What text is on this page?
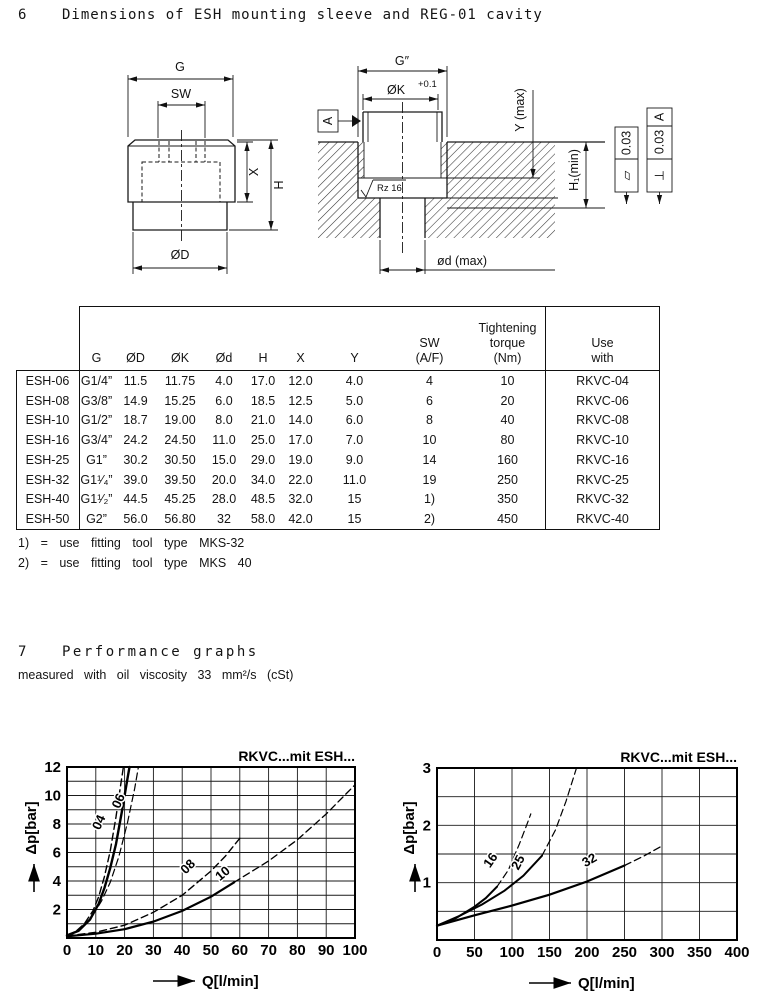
6	Dimensions of ESH mounting sleeve and REG-01 cavity
G
SW
X
H
ØD
G″
ØK +0.1
A
Rz 16
ød (max)
Y (max)
H₁(min)
0.03
▱ ⊥
0.03
A
G ØD ØK Ød H X	Y
SW
(A/F)
Tightening
torque
(Nm)
Use
with
ESH-06 G1/4” 11.5	11.75	4.0	17.0	12.0	4.0	4	10	RKVC-04
ESH-08 G3/8” 14.9	15.25	6.0	18.5	12.5	5.0	6	20	RKVC-06
ESH-10 G1/2” 18.7	19.00	8.0	21.0	14.0	6.0	8	40	RKVC-08
ESH-16 G3/4” 24.2	24.50	11.0	25.0	17.0	7.0	10	80	RKVC-10
ESH-25	G1”	30.2	30.50	15.0	29.0	19.0	9.0	14	160	RKVC-16
ESH-32 G1¹⁄₄” 39.0	39.50	20.0	34.0	22.0	11.0	19	250	RKVC-25
ESH-40 G1¹⁄₂” 44.5	45.25	28.0	48.5	32.0	15	1)	350	RKVC-32
ESH-50	G2”	56.0	56.80	32	58.0	42.0	15	2)	450	RKVC-40
1) = use fitting tool type MKS-32
2) = use fitting tool type MKS 40
7	Performance graphs
measured with oil viscosity 33 mm²/s (cSt)
0 10 20 30 40 50 60 70 80 90 100
2
4
6
8
10
12
RKVC...mit ESH...
Δp[bar]
Q[l/min]
04
06
08 10
0 50 100 150 200 250 300 350 400
1
2
3
RKVC...mit ESH...
Δp[bar]
Q[l/min]
16 25	32
